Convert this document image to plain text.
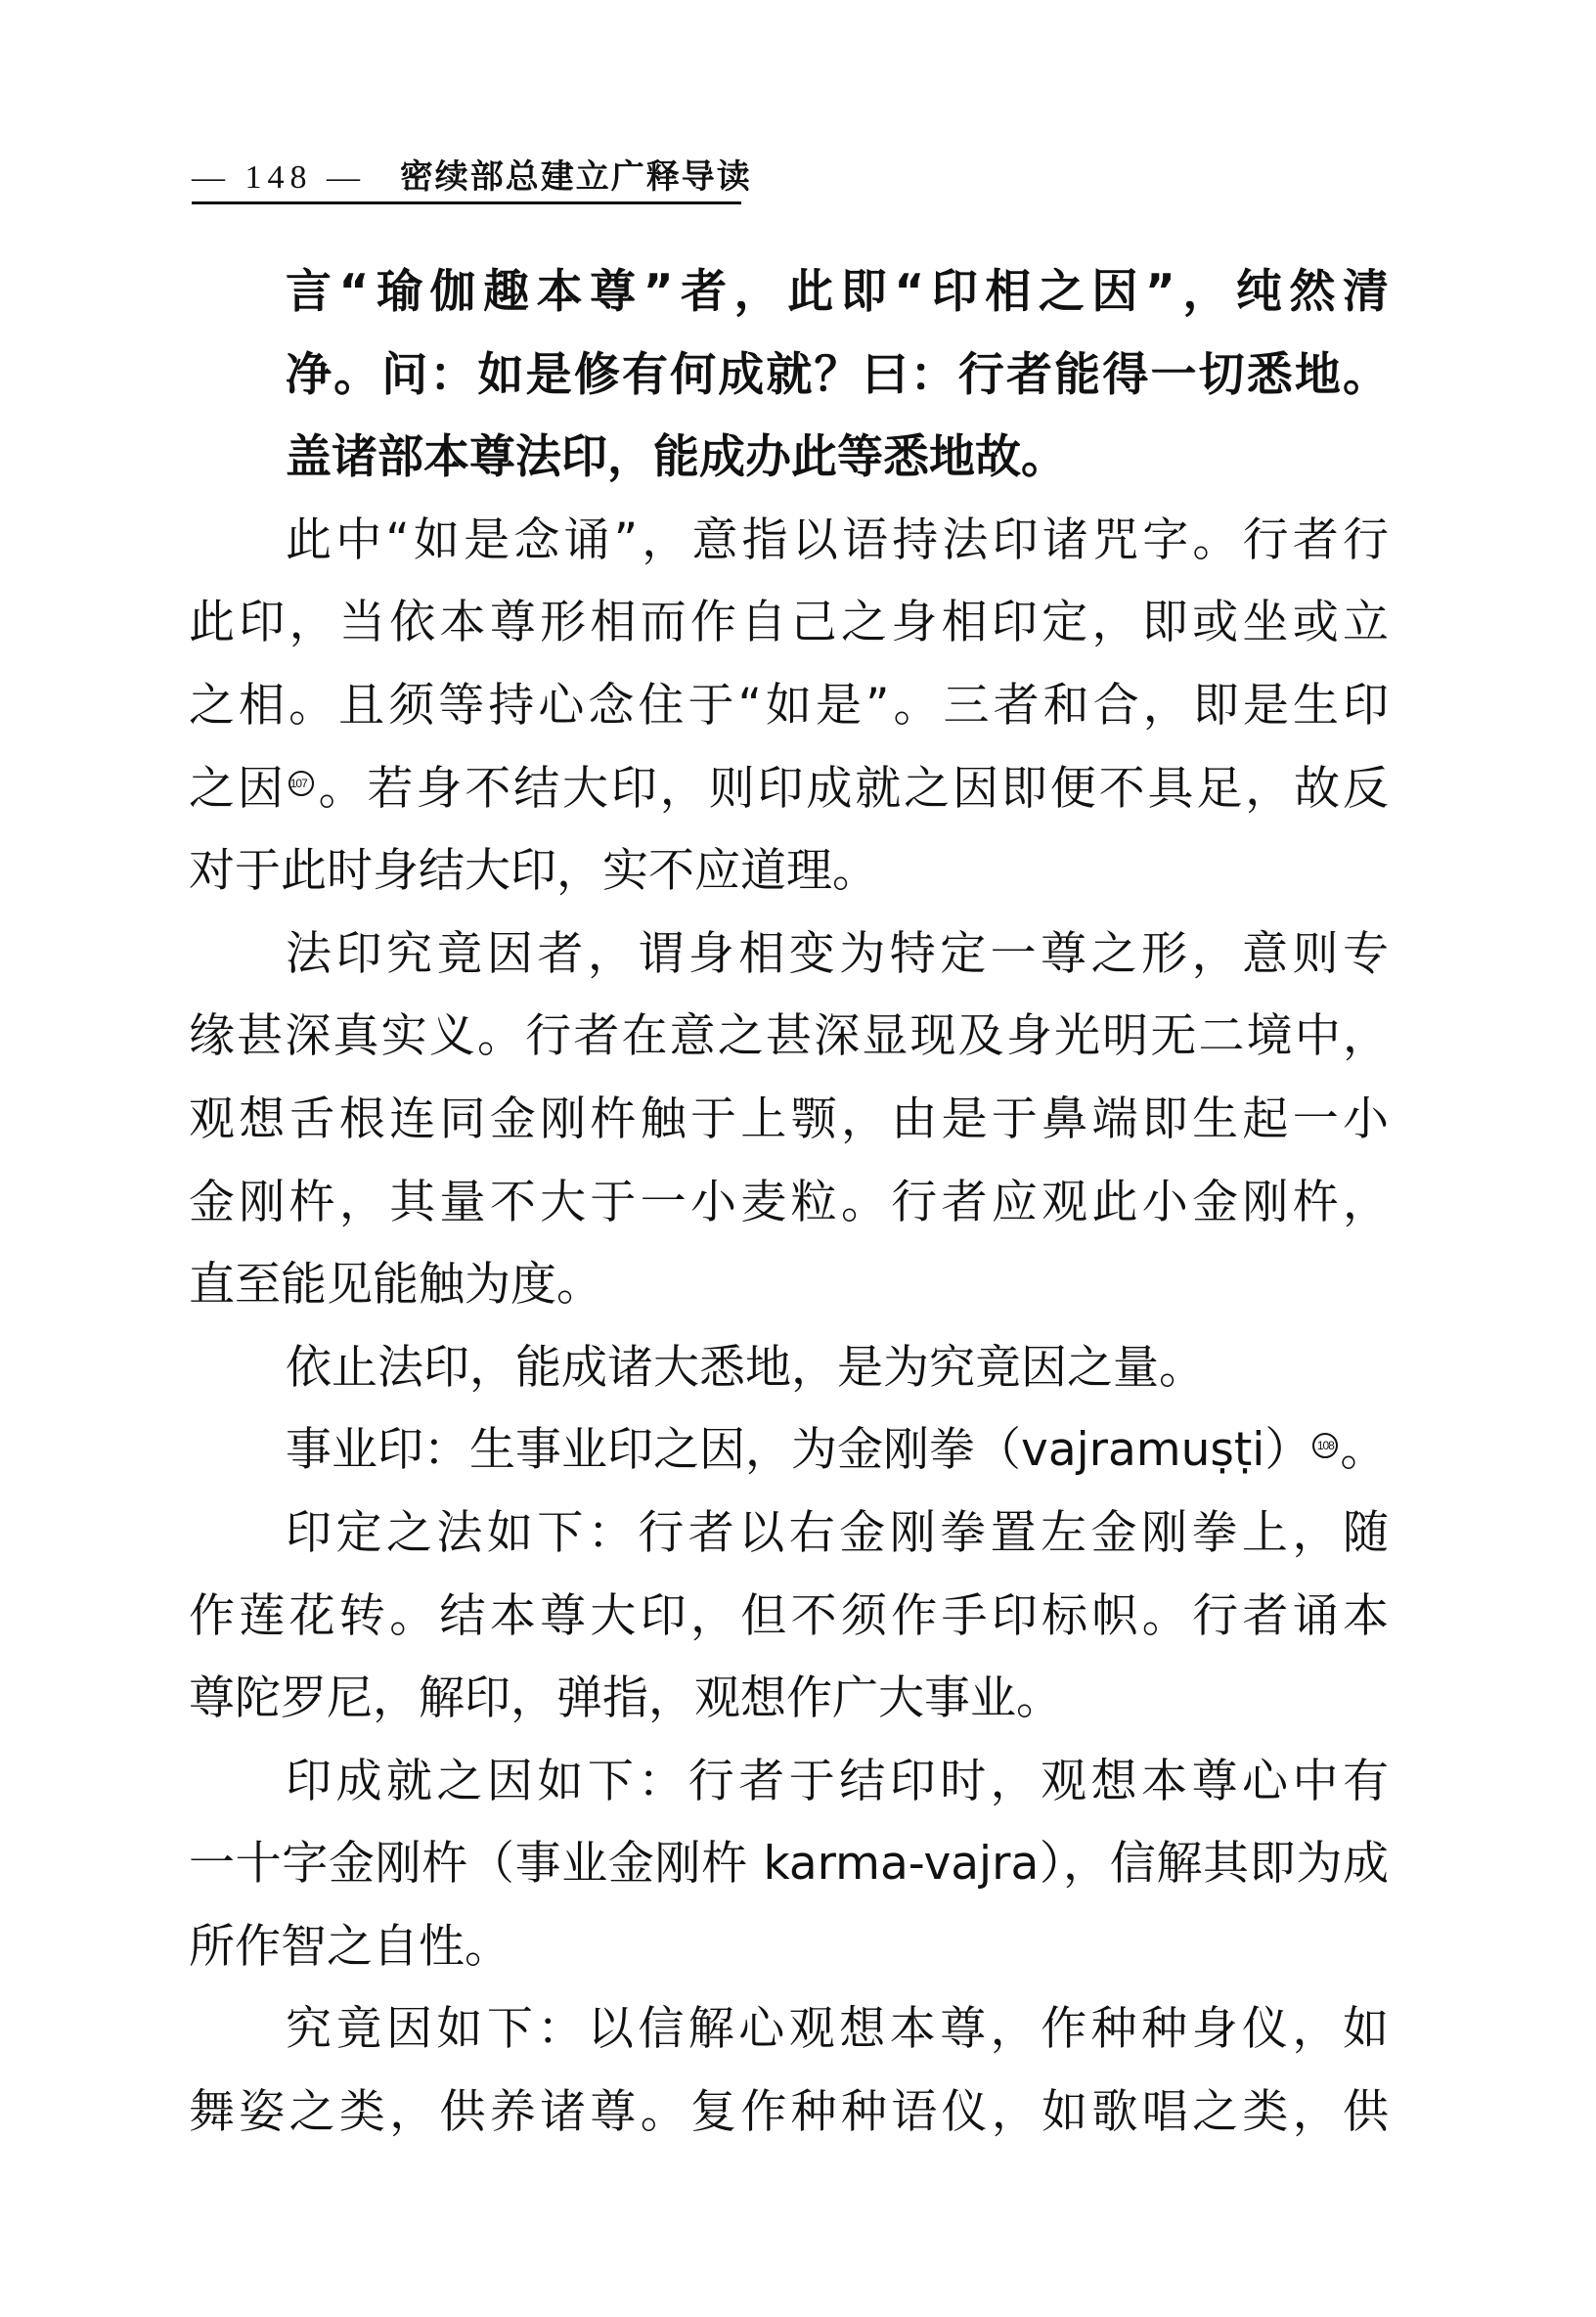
— 148 — 密续部总建立广释导读
言“瑜伽趣本尊”者，此即“印相之因”，纯然清
净。问：如是修有何成就？曰：行者能得一切悉地。
盖诸部本尊法印，能成办此等悉地故。
此中“如是念诵”，意指以语持法印诸咒字。行者行
此印，当依本尊形相而作自己之身相印定，即或坐或立
之相。且须等持心念住于“如是”。三者和合，即是生印
之因 107 。若身不结大印，则印成就之因即便不具足，故反
对于此时身结大印，实不应道理。
法印究竟因者，谓身相变为特定一尊之形，意则专
缘甚深真实义。行者在意之甚深显现及身光明无二境中，
观想舌根连同金刚杵触于上颚，由是于鼻端即生起一小
金刚杵，其量不大于一小麦粒。行者应观此小金刚杵，
直至能见能触为度。
依止法印，能成诸大悉地，是为究竟因之量。
事业印：生事业印之因，为金刚拳（vajramuṣṭi） 108 。
印定之法如下：行者以右金刚拳置左金刚拳上，随
作莲花转。结本尊大印，但不须作手印标帜。行者诵本
尊陀罗尼，解印，弹指，观想作广大事业。
印成就之因如下：行者于结印时，观想本尊心中有
一十字金刚杵（事业金刚杵 karma-vajra），信解其即为成
所作智之自性。
究竟因如下：以信解心观想本尊，作种种身仪，如
舞姿之类，供养诸尊。复作种种语仪，如歌唱之类，供
